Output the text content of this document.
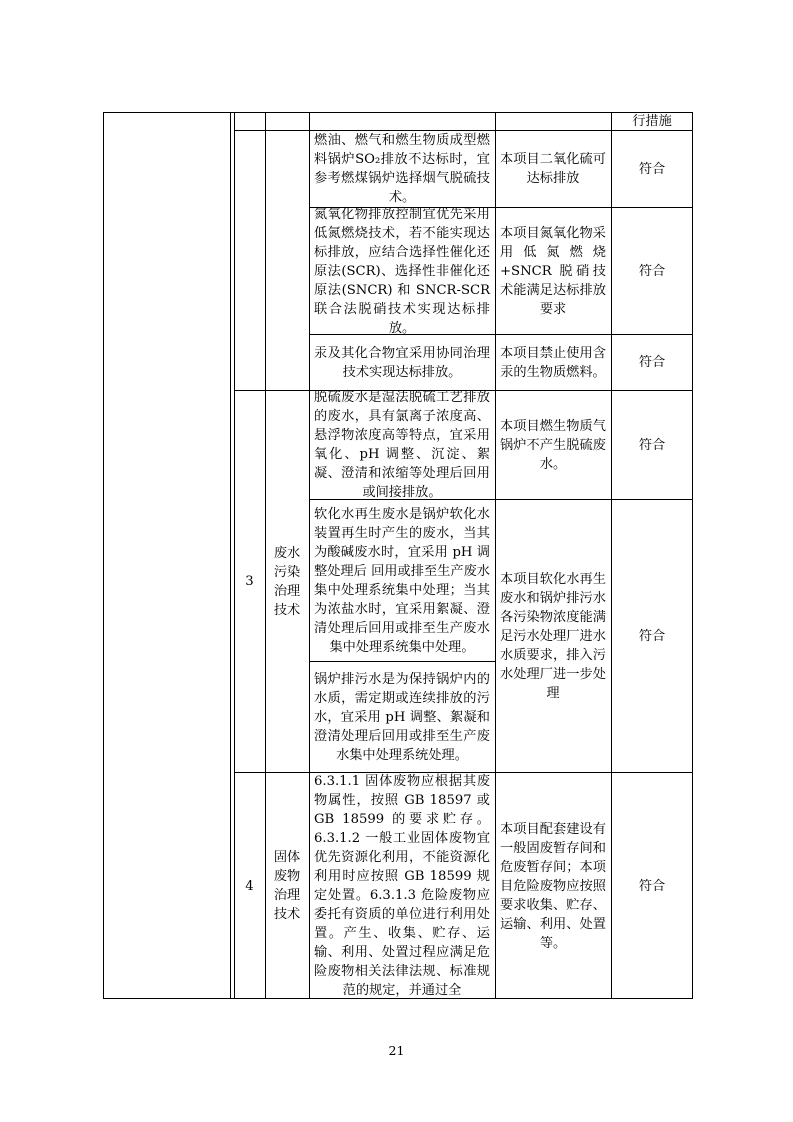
行措施
燃油、燃气和燃生物质成型燃料锅炉SO₂排放不达标时，宜参考燃煤锅炉选择烟气脱硫技术。
本项目二氧化硫可达标排放
符合
氮氧化物排放控制宜优先采用低氮燃烧技术，若不能实现达标排放，应结合选择性催化还原法(SCR)、选择性非催化还原法(SNCR) 和 SNCR-SCR 联合法脱硝技术实现达标排放。
本项目氮氧化物采用低氮燃烧+SNCR 脱硝技术能满足达标排放要求
符合
汞及其化合物宜采用协同治理技术实现达标排放。
本项目禁止使用含汞的生物质燃料。
符合
3
废水
污染
治理
技术
脱硫废水是湿法脱硫工艺排放的废水，具有氯离子浓度高、悬浮物浓度高等特点，宜采用氧化、pH 调整、沉淀、絮凝、澄清和浓缩等处理后回用或间接排放。
本项目燃生物质气锅炉不产生脱硫废水。
符合
软化水再生废水是锅炉软化水装置再生时产生的废水，当其为酸碱废水时，宜采用 pH 调整处理后 回用或排至生产废水集中处理系统集中处理；当其为浓盐水时，宜采用絮凝、澄清处理后回用或排至生产废水集中处理系统集中处理。
锅炉排污水是为保持锅炉内的水质，需定期或连续排放的污水，宜采用 pH 调整、絮凝和澄清处理后回用或排至生产废水集中处理系统处理。
本项目软化水再生废水和锅炉排污水各污染物浓度能满足污水处理厂进水水质要求，排入污水处理厂进一步处理
符合
4
固体
废物
治理
技术
6.3.1.1 固体废物应根据其废物属性，按照 GB 18597 或 GB 18599 的要求贮存。6.3.1.2 一般工业固体废物宜优先资源化利用，不能资源化利用时应按照 GB 18599 规定处置。6.3.1.3 危险废物应委托有资质的单位进行利用处置。产生、收集、贮存、运输、利用、处置过程应满足危险废物相关法律法规、标准规范的规定，并通过全
本项目配套建设有一般固废暂存间和危废暂存间；本项目危险废物应按照要求收集、贮存、运输、利用、处置等。
符合
21
